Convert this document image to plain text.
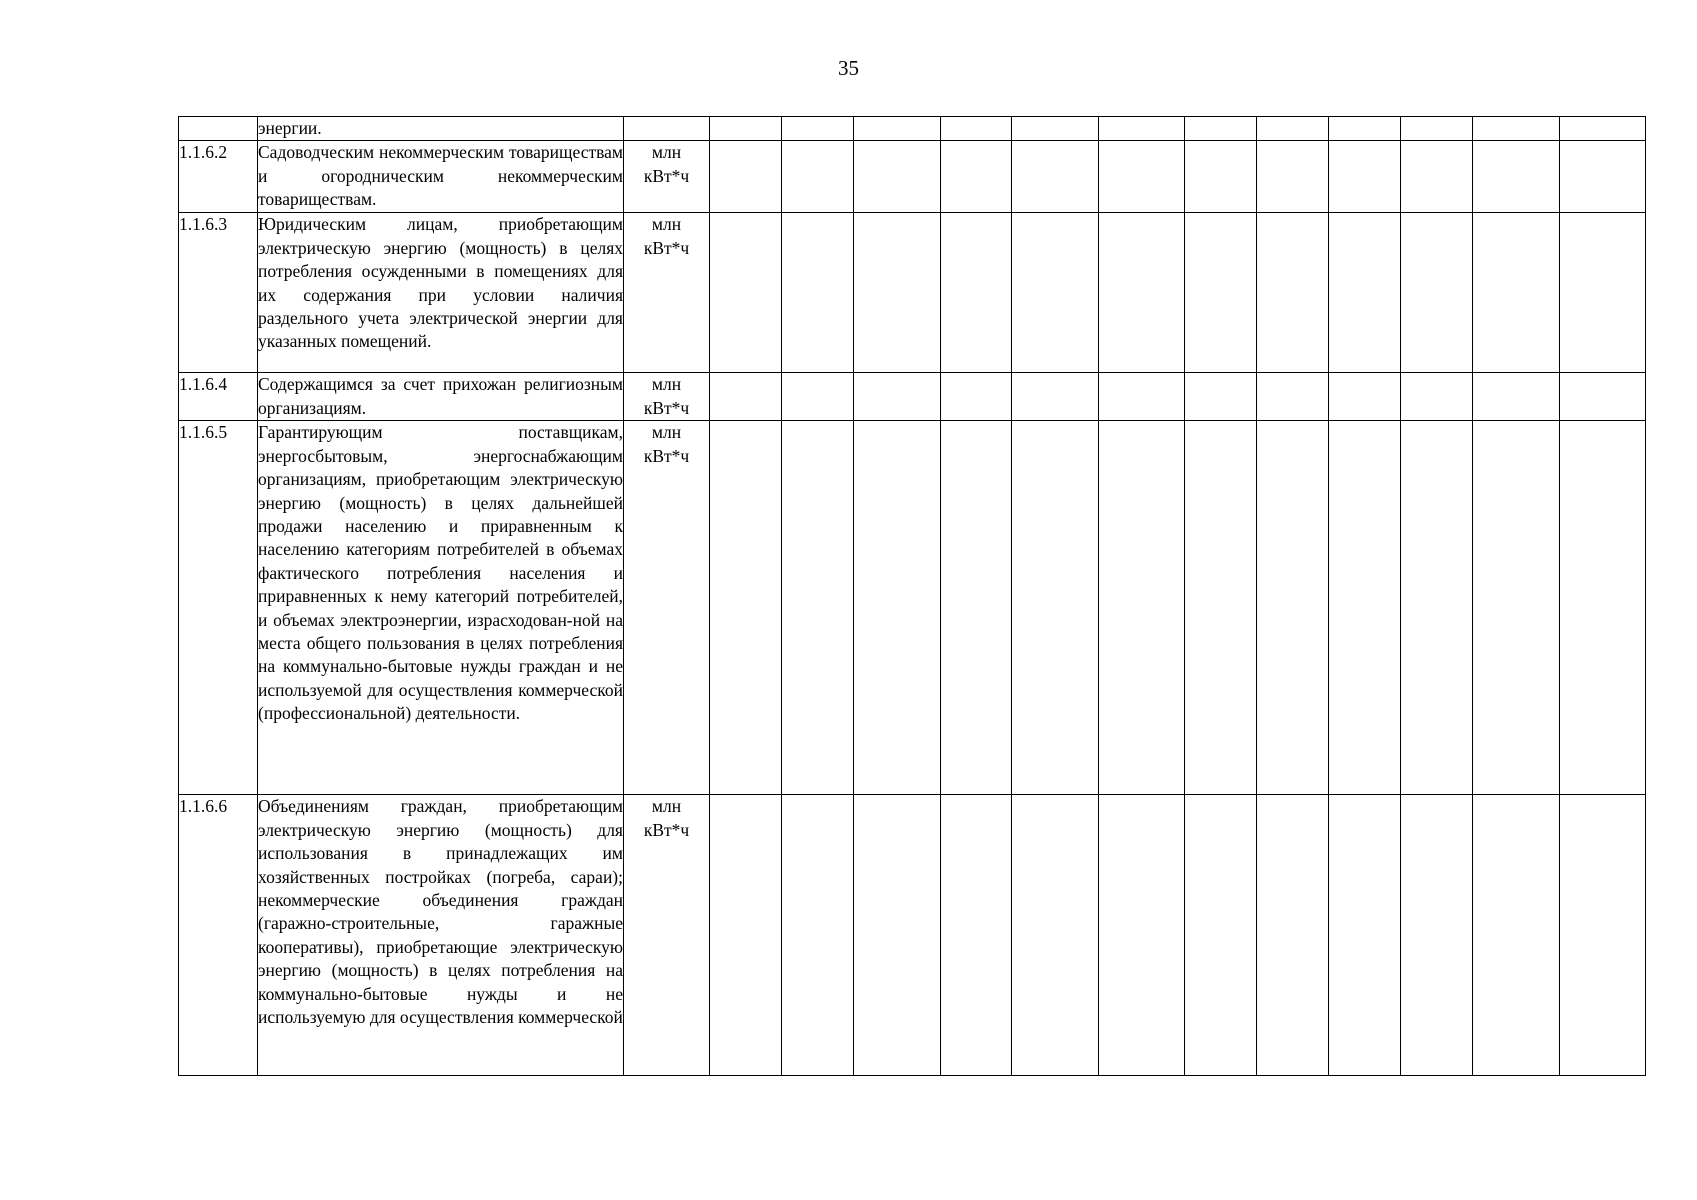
35
	энергии.	

1.1.6.2	Садоводческим некоммерческим товариществам и огородническим некоммерческим товариществам.	млн
кВт*ч												

1.1.6.3	Юридическим лицам, приобретающим электрическую энергию (мощность) в целях потребления осужденными в помещениях для их содержания при условии наличия раздельного учета электрической энергии для указанных помещений.	млн
кВт*ч												

1.1.6.4	Содержащимся за счет прихожан религиозным организациям.	млн
кВт*ч												

1.1.6.5	Гарантирующим поставщикам, энергосбытовым, энергоснабжающим организациям, приобретающим электрическую энергию (мощность) в целях дальнейшей продажи населению и приравненным к населению категориям потребителей в объемах фактического потребления населения и приравненных к нему категорий потребителей, и объемах электроэнергии, израсходован-ной на места общего пользования в целях потребления на коммунально-бытовые нужды граждан и не используемой для осуществления коммерческой (профессиональной) деятельности.	млн
кВт*ч												

1.1.6.6	Объединениям граждан, приобретающим электрическую энергию (мощность) для использования в принадлежащих им хозяйственных постройках (погреба, сараи); некоммерческие объединения граждан (гаражно-строительные, гаражные кооперативы), приобретающие электрическую энергию (мощность) в целях потребления на коммунально-бытовые нужды и не используемую для осуществления коммерческой	млн
кВт*ч												
